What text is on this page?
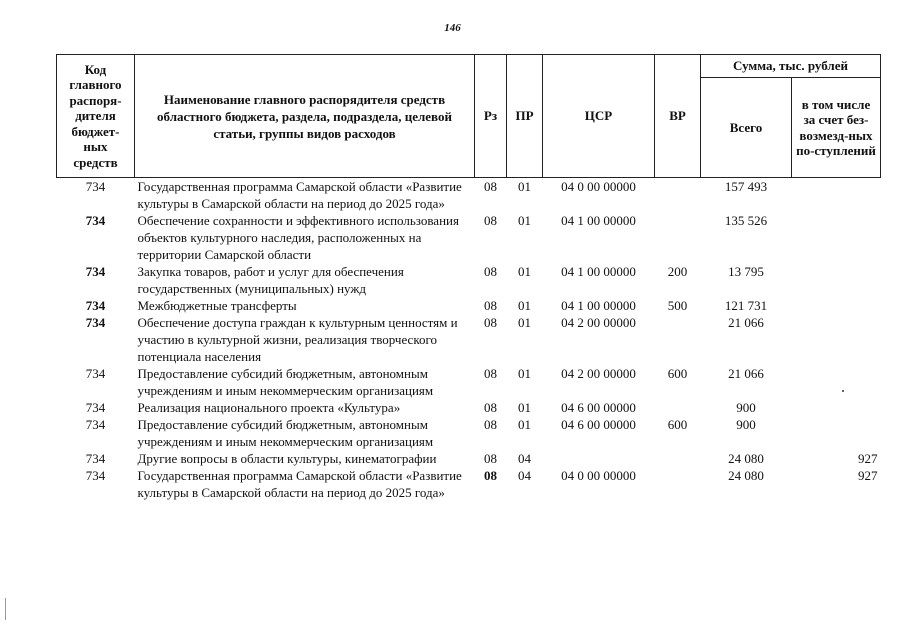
146
Код главного распоря-дителя бюджет-ных средств	Наименование главного распорядителя средств областного бюджета, раздела, подраздела, целевой статьи, группы видов расходов	Рз	ПР	ЦСР	ВР	Сумма, тыс. рублей	
						Всего	в том числе за счет без-возмезд-ных по-ступлений
734	Государственная программа Самарской области «Развитие культуры в Самарской области на период до 2025 года»	08	01	04 0 00 00000		157 493	
734	Обеспечение сохранности и эффективного использования объектов культурного наследия, расположенных на территории Самарской области	08	01	04 1 00 00000		135 526	
734	Закупка товаров, работ и услуг для обеспечения государственных (муниципальных) нужд	08	01	04 1 00 00000	200	13 795	
734	Межбюджетные трансферты	08	01	04 1 00 00000	500	121 731	
734	Обеспечение доступа граждан к культурным ценностям и участию в культурной жизни, реализация творческого потенциала населения	08	01	04 2 00 00000		21 066	
734	Предоставление субсидий бюджетным, автономным учреждениям и иным некоммерческим организациям	08	01	04 2 00 00000	600	21 066	
734	Реализация национального проекта «Культура»	08	01	04 6 00 00000		900	
734	Предоставление субсидий бюджетным, автономным учреждениям и иным некоммерческим организациям	08	01	04 6 00 00000	600	900	
734	Другие вопросы в области культуры, кинематографии	08	04			24 080	927
734	Государственная программа Самарской области «Развитие культуры в Самарской области на период до 2025 года»	08	04	04 0 00 00000		24 080	927
